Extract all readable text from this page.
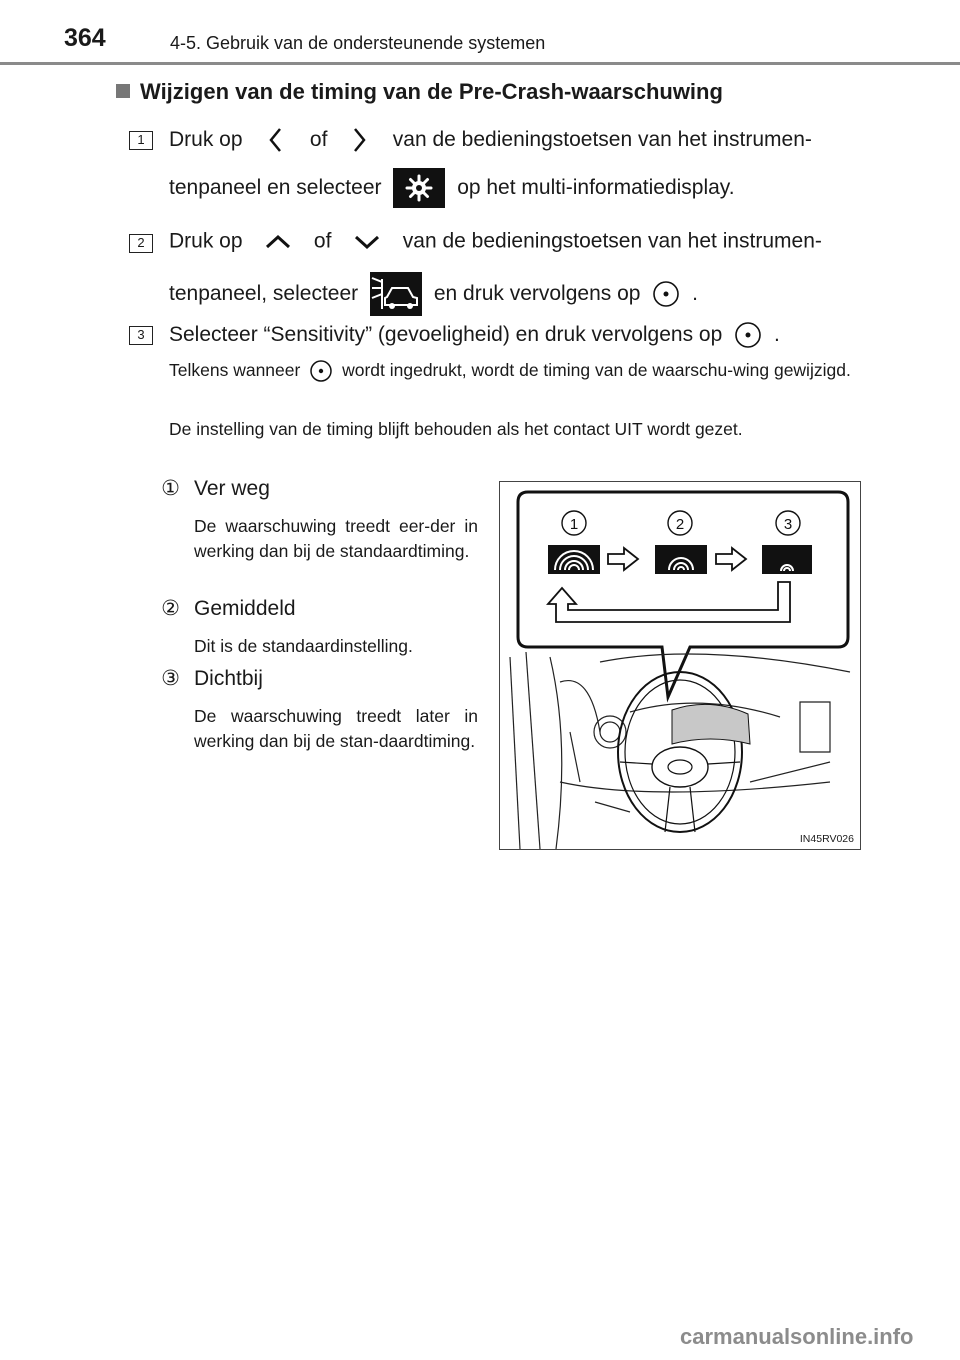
364	4-5. Gebruik van de ondersteunende systemen
Wijzigen van de timing van de Pre-Crash-waarschuwing
1	Druk op	of	van de bedieningstoetsen van het instrumen-
tenpaneel en selecteer	op het multi-informatiedisplay.
2	Druk op	of	van de bedieningstoetsen van het instrumen-
tenpaneel, selecteer	en druk vervolgens op .
3	Selecteer “Sensitivity” (gevoeligheid) en druk vervolgens op .
Telkens wanneer wordt ingedrukt, wordt de timing van de waarschu-wing gewijzigd.
De instelling van de timing blijft behouden als het contact UIT wordt gezet.
① Ver weg
De waarschuwing treedt eer-der in werking dan bij de standaardtiming.
② Gemiddeld
Dit is de standaardinstelling.
③ Dichtbij
De waarschuwing treedt later in werking dan bij de stan-daardtiming.
1	2	3
IN45RV026
carmanualsonline.info
